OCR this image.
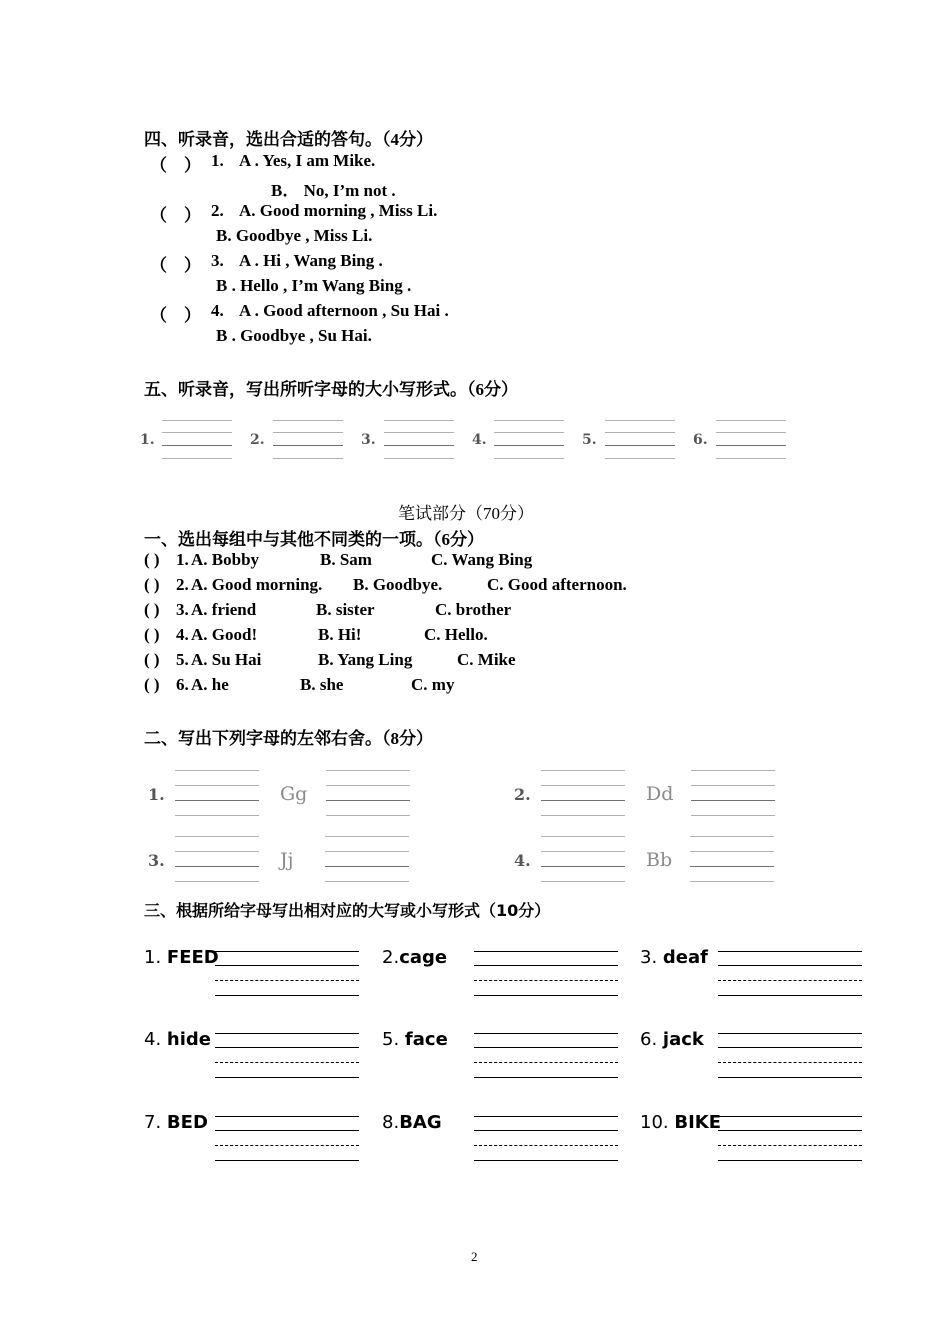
四、听录音，选出合适的答句。（4分）
（　） 1. A . Yes, I am Mike.
B． No, I’m not .
（　） 2. A. Good morning , Miss Li.
B. Goodbye , Miss Li.
（　） 3. A . Hi , Wang Bing .
B . Hello , I’m Wang Bing .
（　） 4. A . Good afternoon , Su Hai .
B . Goodbye , Su Hai.
五、听录音，写出所听字母的大小写形式。（6分）
1.	2.	3.	4.	5.	6.
笔试部分（70分）
一、选出每组中与其他不同类的一项。（6分）
( ) 1. A. Bobby	B. Sam	C. Wang Bing
( ) 2. A. Good morning. B. Goodbye.	C. Good afternoon.
( ) 3. A. friend	B. sister	C. brother
( ) 4. A. Good!	B. Hi!	C. Hello.
( ) 5. A. Su Hai	B. Yang Ling	C. Mike
( ) 6. A. he	B. she	C. my
二、写出下列字母的左邻右舍。（8分）
1.	Gg	2.	Dd
3.	Jj	4.	Bb
三、根据所给字母写出相对应的大写或小写形式（10分）
1. FEED	2.cage	3. deaf
4. hide	5. face	6. jack
7. BED	8.BAG	10. BIKE
2
